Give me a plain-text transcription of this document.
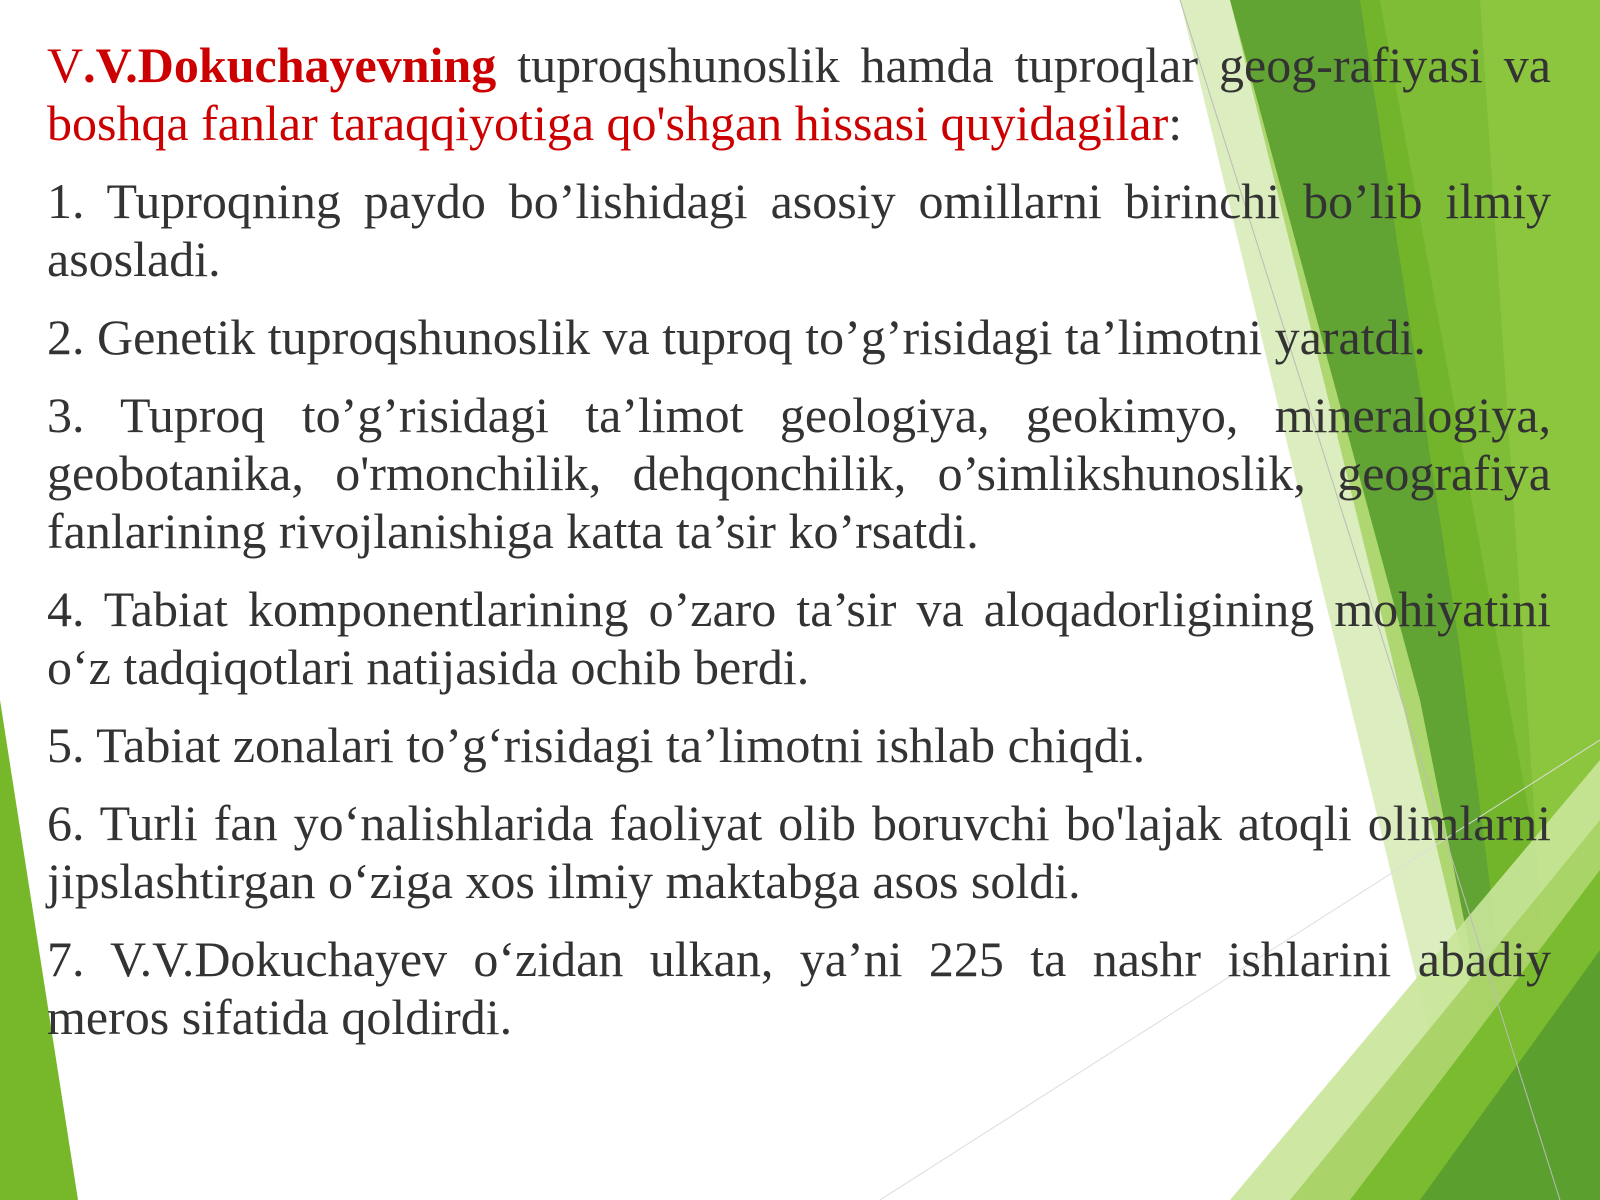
V.V.Dokuchayevning tuproqshunoslik hamda tuproqlar geog-rafiyasi va boshqa fanlar taraqqiyotiga qo'shgan hissasi quyidagilar:

1. Tuproqning paydo bo’lishidagi asosiy omillarni birinchi bo’lib ilmiy asosladi.

2. Genetik tuproqshunoslik va tuproq to’g’risidagi ta’limotni yaratdi.

3. Tuproq to’g’risidagi ta’limot geologiya, geokimyo, mineralogiya, geobotanika, o'rmonchilik, dehqonchilik, o’simlikshunoslik, geografiya fanlarining rivojlanishiga katta ta’sir ko’rsatdi.

4. Tabiat komponentlarining o’zaro ta’sir va aloqadorligining mohiyatini o‘z tadqiqotlari natijasida ochib berdi.

5. Tabiat zonalari to’g‘risidagi ta’limotni ishlab chiqdi.

6. Turli fan yo‘nalishlarida faoliyat olib boruvchi bo'lajak atoqli olimlarni jipslashtirgan o‘ziga xos ilmiy maktabga asos soldi.

7. V.V.Dokuchayev o‘zidan ulkan, ya’ni 225 ta nashr ishlarini abadiy meros sifatida qoldirdi.
